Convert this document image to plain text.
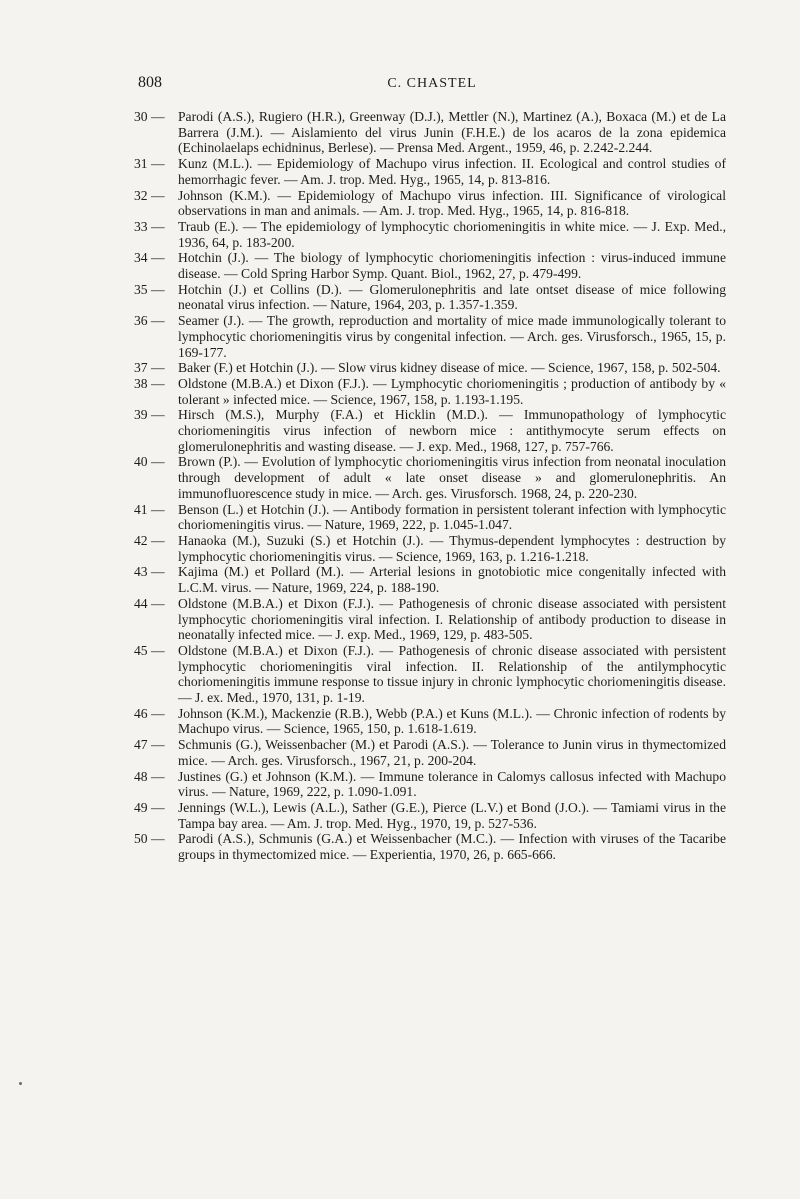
808	C. CHASTEL
30 — Parodi (A.S.), Rugiero (H.R.), Greenway (D.J.), Mettler (N.), Martinez (A.), Boxaca (M.) et de La Barrera (J.M.). — Aislamiento del virus Junin (F.H.E.) de los acaros de la zona epidemica (Echinolaelaps echidninus, Berlese). — Prensa Med. Argent., 1959, 46, p. 2.242-2.244.
31 — Kunz (M.L.). — Epidemiology of Machupo virus infection. II. Ecological and control studies of hemorrhagic fever. — Am. J. trop. Med. Hyg., 1965, 14, p. 813-816.
32 — Johnson (K.M.). — Epidemiology of Machupo virus infection. III. Significance of virological observations in man and animals. — Am. J. trop. Med. Hyg., 1965, 14, p. 816-818.
33 — Traub (E.). — The epidemiology of lymphocytic choriomeningitis in white mice. — J. Exp. Med., 1936, 64, p. 183-200.
34 — Hotchin (J.). — The biology of lymphocytic choriomeningitis infection : virus-induced immune disease. — Cold Spring Harbor Symp. Quant. Biol., 1962, 27, p. 479-499.
35 — Hotchin (J.) et Collins (D.). — Glomerulonephritis and late ontset disease of mice following neonatal virus infection. — Nature, 1964, 203, p. 1.357-1.359.
36 — Seamer (J.). — The growth, reproduction and mortality of mice made immunologically tolerant to lymphocytic choriomeningitis virus by congenital infection. — Arch. ges. Virusforsch., 1965, 15, p. 169-177.
37 — Baker (F.) et Hotchin (J.). — Slow virus kidney disease of mice. — Science, 1967, 158, p. 502-504.
38 — Oldstone (M.B.A.) et Dixon (F.J.). — Lymphocytic choriomeningitis ; production of antibody by « tolerant » infected mice. — Science, 1967, 158, p. 1.193-1.195.
39 — Hirsch (M.S.), Murphy (F.A.) et Hicklin (M.D.). — Immunopathology of lymphocytic choriomeningitis virus infection of newborn mice : antithymocyte serum effects on glomerulonephritis and wasting disease. — J. exp. Med., 1968, 127, p. 757-766.
40 — Brown (P.). — Evolution of lymphocytic choriomeningitis virus infection from neonatal inoculation through development of adult « late onset disease » and glomerulonephritis. An immunofluorescence study in mice. — Arch. ges. Virusforsch. 1968, 24, p. 220-230.
41 — Benson (L.) et Hotchin (J.). — Antibody formation in persistent tolerant infection with lymphocytic choriomeningitis virus. — Nature, 1969, 222, p. 1.045-1.047.
42 — Hanaoka (M.), Suzuki (S.) et Hotchin (J.). — Thymus-dependent lymphocytes : destruction by lymphocytic choriomeningitis virus. — Science, 1969, 163, p. 1.216-1.218.
43 — Kajima (M.) et Pollard (M.). — Arterial lesions in gnotobiotic mice congenitally infected with L.C.M. virus. — Nature, 1969, 224, p. 188-190.
44 — Oldstone (M.B.A.) et Dixon (F.J.). — Pathogenesis of chronic disease associated with persistent lymphocytic choriomeningitis viral infection. I. Relationship of antibody production to disease in neonatally infected mice. — J. exp. Med., 1969, 129, p. 483-505.
45 — Oldstone (M.B.A.) et Dixon (F.J.). — Pathogenesis of chronic disease associated with persistent lymphocytic choriomeningitis viral infection. II. Relationship of the antilymphocytic choriomeningitis immune response to tissue injury in chronic lymphocytic choriomeningitis disease. — J. ex. Med., 1970, 131, p. 1-19.
46 — Johnson (K.M.), Mackenzie (R.B.), Webb (P.A.) et Kuns (M.L.). — Chronic infection of rodents by Machupo virus. — Science, 1965, 150, p. 1.618-1.619.
47 — Schmunis (G.), Weissenbacher (M.) et Parodi (A.S.). — Tolerance to Junin virus in thymectomized mice. — Arch. ges. Virusforsch., 1967, 21, p. 200-204.
48 — Justines (G.) et Johnson (K.M.). — Immune tolerance in Calomys callosus infected with Machupo virus. — Nature, 1969, 222, p. 1.090-1.091.
49 — Jennings (W.L.), Lewis (A.L.), Sather (G.E.), Pierce (L.V.) et Bond (J.O.). — Tamiami virus in the Tampa bay area. — Am. J. trop. Med. Hyg., 1970, 19, p. 527-536.
50 — Parodi (A.S.), Schmunis (G.A.) et Weissenbacher (M.C.). — Infection with viruses of the Tacaribe groups in thymectomized mice. — Experientia, 1970, 26, p. 665-666.
